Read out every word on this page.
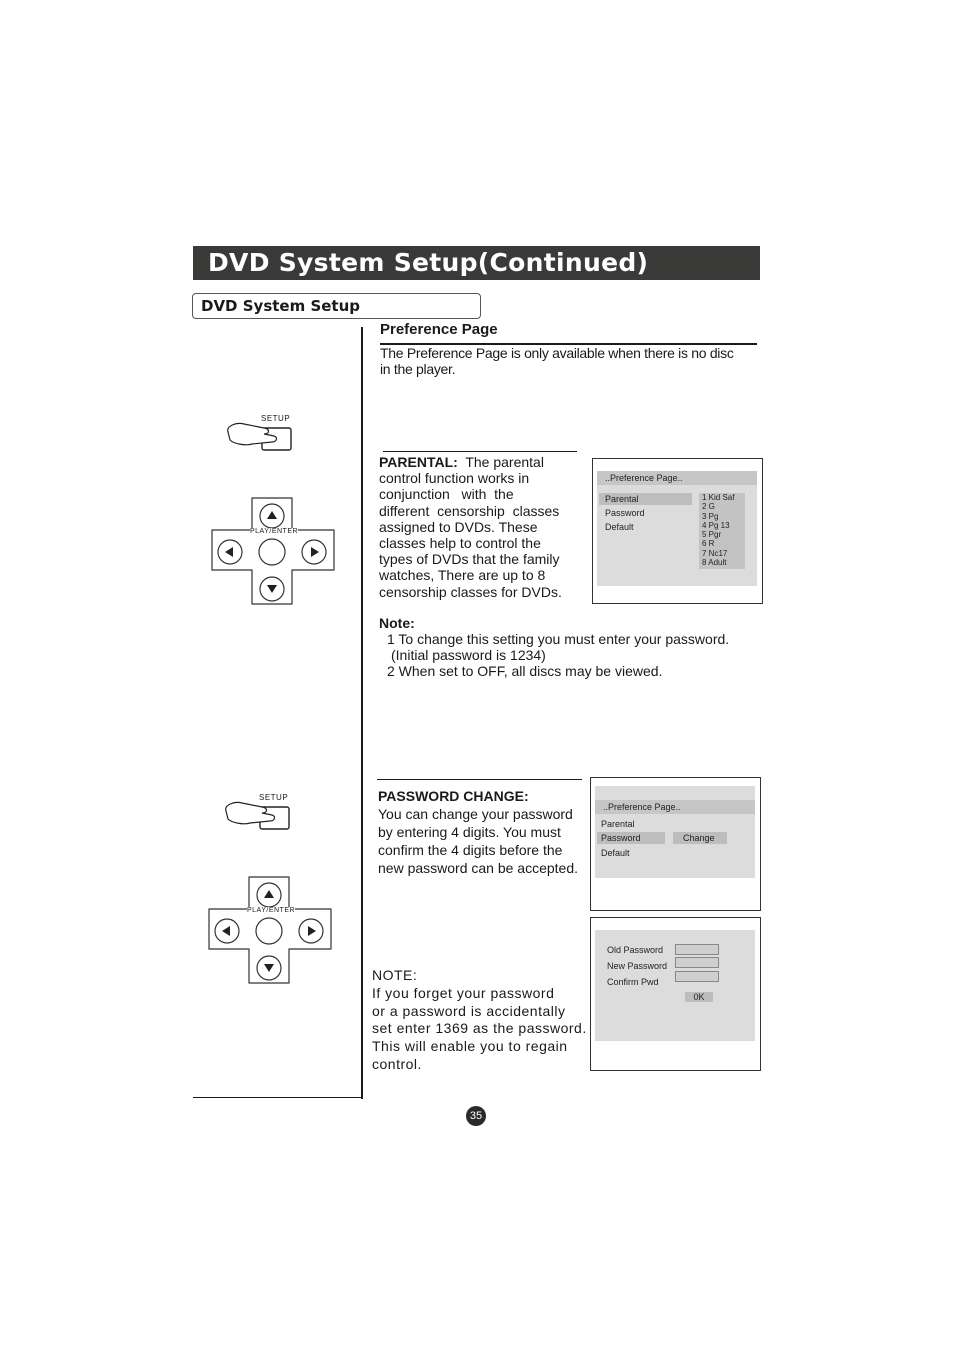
DVD System Setup(Continued)
DVD System Setup
Preference Page
The Preference Page is only available when there is no disc
in the player.
SETUP
PLAY/ENTER
PARENTAL: The parental
control function works in
conjunction   with  the
different  censorship  classes
assigned to DVDs. These
classes help to control the
types of DVDs that the family
watches, There are up to 8
censorship classes for DVDs.
..Preference Page..
Parental
Password
Default
1 Kid Saf
2 G
3 Pg
4 Pg 13
5 Pgr
6 R
7 Nc17
8 Adult
Note:
1 To change this setting you must enter your password.
(Initial password is 1234)
2 When set to OFF, all discs may be viewed.
SETUP
PLAY/ENTER
PASSWORD CHANGE:
You can change your password
by entering 4 digits. You must
confirm the 4 digits before the
new password can be accepted.
..Preference Page..
Parental
Password	Change
Default
Old Password
New Password
Confirm Pwd
0K
NOTE:
If you forget your password
or a password is accidentally
set enter 1369 as the password.
This will enable you to regain
control.
35
